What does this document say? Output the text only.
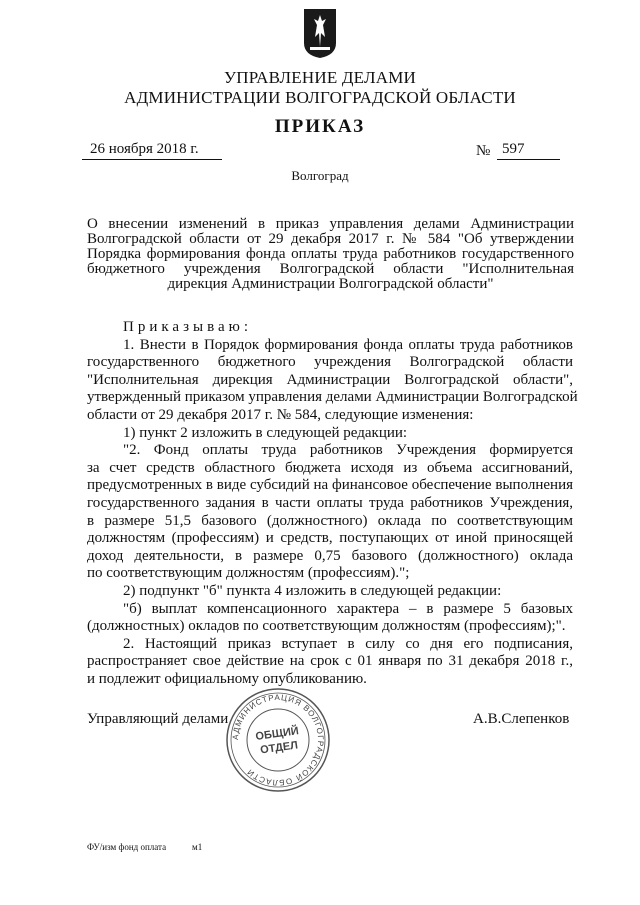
УПРАВЛЕНИЕ ДЕЛАМИ
АДМИНИСТРАЦИИ ВОЛГОГРАДСКОЙ ОБЛАСТИ
ПРИКАЗ
26 ноября 2018 г.	№ 597
Волгоград
О внесении изменений в приказ управления делами Администрации
Волгоградской области от 29 декабря 2017 г. № 584 "Об утверждении
Порядка формирования фонда оплаты труда работников государственного
бюджетного учреждения Волгоградской области "Исполнительная
дирекция Администрации Волгоградской области"
Приказываю:
1. Внести в Порядок формирования фонда оплаты труда работников
государственного бюджетного учреждения Волгоградской области
"Исполнительная дирекция Администрации Волгоградской области",
утвержденный приказом управления делами Администрации Волгоградской
области от 29 декабря 2017 г. № 584, следующие изменения:
1) пункт 2 изложить в следующей редакции:
"2. Фонд оплаты труда работников Учреждения формируется
за счет средств областного бюджета исходя из объема ассигнований,
предусмотренных в виде субсидий на финансовое обеспечение выполнения
государственного задания в части оплаты труда работников Учреждения,
в размере 51,5 базового (должностного) оклада по соответствующим
должностям (профессиям) и средств, поступающих от иной приносящей
доход деятельности, в размере 0,75 базового (должностного) оклада
по соответствующим должностям (профессиям).";
2) подпункт "б" пункта 4 изложить в следующей редакции:
"б) выплат компенсационного характера – в размере 5 базовых
(должностных) окладов по соответствующим должностям (профессиям);".
2. Настоящий приказ вступает в силу со дня его подписания,
распространяет свое действие на срок с 01 января по 31 декабря 2018 г.,
и подлежит официальному опубликованию.
Управляющий делами	А.В.Слепенков
АДМИНИСТРАЦИЯ ВОЛГОГРАДСКОЙ ОБЛАСТИ
ОБЩИЙ
ОТДЕЛ
ФУ/изм фонд оплата	м1
